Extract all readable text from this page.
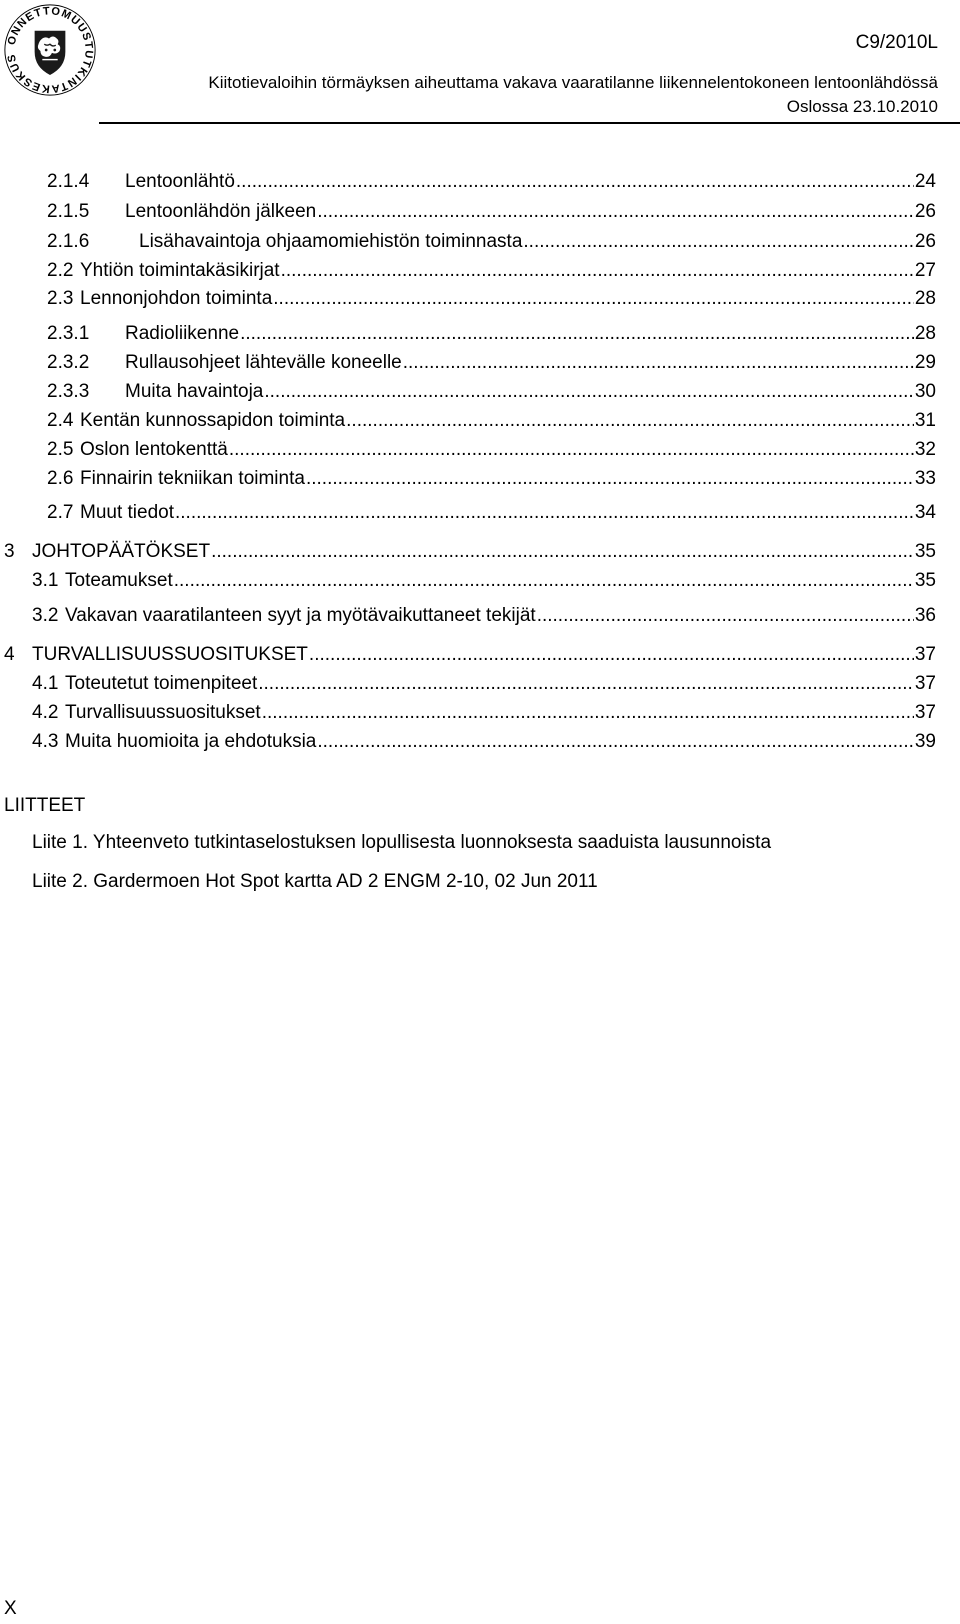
ONNETTOMUUSTUTKINTAKESKUS
C9/2010L
Kiitotievaloihin törmäyksen aiheuttama vakava vaaratilanne liikennelentokoneen lentoonlähdössä
Oslossa 23.10.2010
2.1.4	Lentoonlähtö .....	24
2.1.5	Lentoonlähdön jälkeen .....	26
2.1.6	Lisähavaintoja ohjaamomiehistön toiminnasta .....	26
2.2 Yhtiön toimintakäsikirjat .....	27
2.3 Lennonjohdon toiminta .....	28
2.3.1	Radioliikenne .....	28
2.3.2	Rullausohjeet lähtevälle koneelle .....	29
2.3.3	Muita havaintoja .....	30
2.4 Kentän kunnossapidon toiminta .....	31
2.5 Oslon lentokenttä .....	32
2.6 Finnairin tekniikan toiminta .....	33
2.7 Muut tiedot .....	34
3 JOHTOPÄÄTÖKSET .....	35
3.1 Toteamukset .....	35
3.2 Vakavan vaaratilanteen syyt ja myötävaikuttaneet tekijät .....	36
4 TURVALLISUUSSUOSITUKSET .....	37
4.1 Toteutetut toimenpiteet .....	37
4.2 Turvallisuussuositukset .....	37
4.3 Muita huomioita ja ehdotuksia .....	39
LIITTEET
Liite 1. Yhteenveto tutkintaselostuksen lopullisesta luonnoksesta saaduista lausunnoista
Liite 2. Gardermoen Hot Spot kartta AD 2 ENGM 2-10, 02 Jun 2011
X
